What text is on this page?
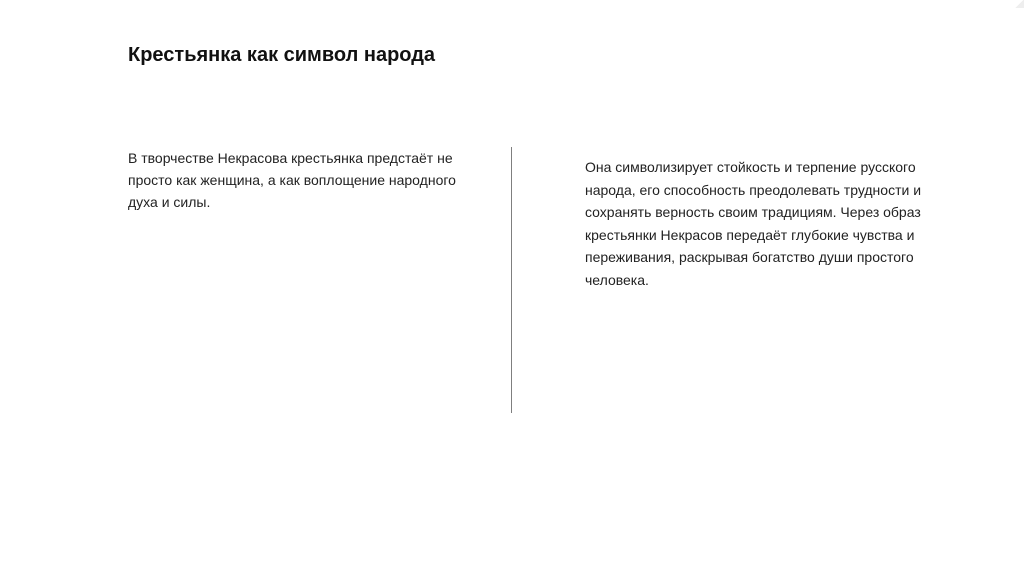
Крестьянка как символ народа

В творчестве Некрасова крестьянка предстаёт не просто как женщина, а как воплощение народного духа и силы.

Она символизирует стойкость и терпение русского народа, его способность преодолевать трудности и сохранять верность своим традициям. Через образ крестьянки Некрасов передаёт глубокие чувства и переживания, раскрывая богатство души простого человека.
